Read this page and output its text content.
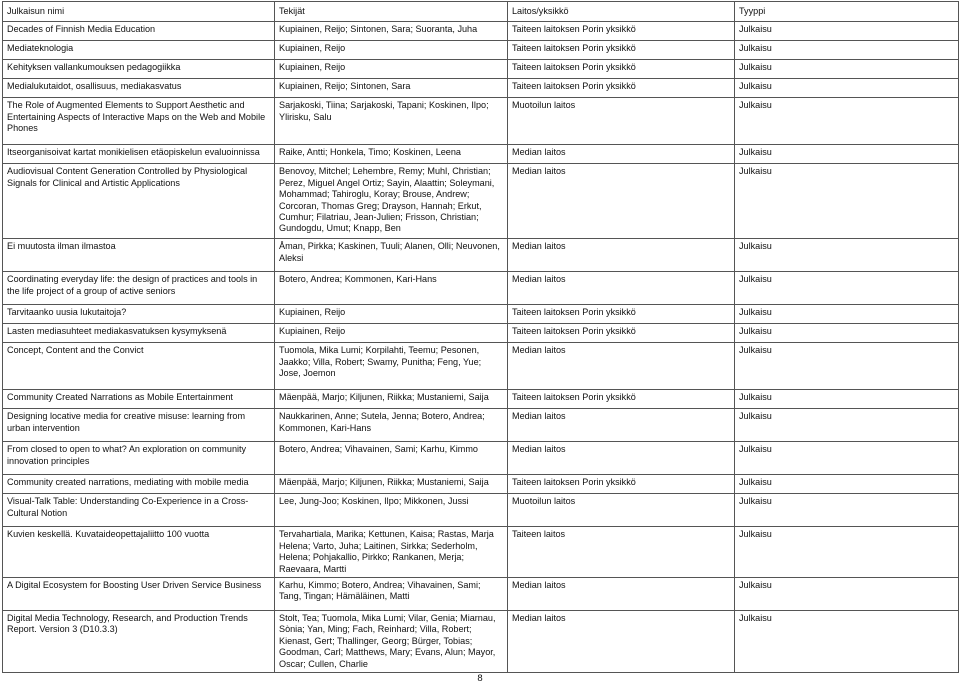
Julkaisun nimi	Tekijät	Laitos/yksikkö	Tyyppi
Decades of Finnish Media Education	Kupiainen, Reijo; Sintonen, Sara; Suoranta, Juha	Taiteen laitoksen Porin yksikkö	Julkaisu
Mediateknologia	Kupiainen, Reijo	Taiteen laitoksen Porin yksikkö	Julkaisu
Kehityksen vallankumouksen pedagogiikka	Kupiainen, Reijo	Taiteen laitoksen Porin yksikkö	Julkaisu
Medialukutaidot, osallisuus, mediakasvatus	Kupiainen, Reijo; Sintonen, Sara	Taiteen laitoksen Porin yksikkö	Julkaisu
The Role of Augmented Elements to Support Aesthetic and Entertaining Aspects of Interactive Maps on the Web and Mobile Phones	Sarjakoski, Tiina; Sarjakoski, Tapani; Koskinen, Ilpo; Ylirisku, Salu	Muotoilun laitos	Julkaisu
Itseorganisoivat kartat monikielisen etäopiskelun evaluoinnissa	Raike, Antti; Honkela, Timo; Koskinen, Leena	Median laitos	Julkaisu
Audiovisual Content Generation Controlled by Physiological Signals for Clinical and Artistic Applications	Benovoy, Mitchel; Lehembre, Remy; Muhl, Christian; Perez, Miguel Angel Ortiz; Sayin, Alaattin; Soleymani, Mohammad; Tahiroglu, Koray; Brouse, Andrew; Corcoran, Thomas Greg; Drayson, Hannah; Erkut, Cumhur; Filatriau, Jean-Julien; Frisson, Christian; Gundogdu, Umut; Knapp, Ben	Median laitos	Julkaisu
Ei muutosta ilman ilmastoa	Åman, Pirkka; Kaskinen, Tuuli; Alanen, Olli; Neuvonen, Aleksi	Median laitos	Julkaisu
Coordinating everyday life: the design of practices and tools in the life project of a group of active seniors	Botero, Andrea; Kommonen, Kari-Hans	Median laitos	Julkaisu
Tarvitaanko uusia lukutaitoja?	Kupiainen, Reijo	Taiteen laitoksen Porin yksikkö	Julkaisu
Lasten mediasuhteet mediakasvatuksen kysymyksenä	Kupiainen, Reijo	Taiteen laitoksen Porin yksikkö	Julkaisu
Concept, Content and the Convict	Tuomola, Mika Lumi; Korpilahti, Teemu; Pesonen, Jaakko; Villa, Robert; Swamy, Punitha; Feng, Yue; Jose, Joemon	Median laitos	Julkaisu
Community Created Narrations as Mobile Entertainment	Mäenpää, Marjo; Kiljunen, Riikka; Mustaniemi, Saija	Taiteen laitoksen Porin yksikkö	Julkaisu
Designing locative media for creative misuse: learning from urban intervention	Naukkarinen, Anne; Sutela, Jenna; Botero, Andrea; Kommonen, Kari-Hans	Median laitos	Julkaisu
From closed to open to what? An exploration on community innovation principles	Botero, Andrea; Vihavainen, Sami; Karhu, Kimmo	Median laitos	Julkaisu
Community created narrations, mediating with mobile media	Mäenpää, Marjo; Kiljunen, Riikka; Mustaniemi, Saija	Taiteen laitoksen Porin yksikkö	Julkaisu
Visual-Talk Table: Understanding Co-Experience in a Cross-Cultural Notion	Lee, Jung-Joo; Koskinen, Ilpo; Mikkonen, Jussi	Muotoilun laitos	Julkaisu
Kuvien keskellä. Kuvataideopettajaliitto 100 vuotta	Tervahartiala, Marika; Kettunen, Kaisa; Rastas, Marja Helena; Varto, Juha; Laitinen, Sirkka; Sederholm, Helena; Pohjakallio, Pirkko; Rankanen, Merja; Raevaara, Martti	Taiteen laitos	Julkaisu
A Digital Ecosystem for Boosting User Driven Service Business	Karhu, Kimmo; Botero, Andrea; Vihavainen, Sami; Tang, Tingan; Hämäläinen, Matti	Median laitos	Julkaisu
Digital Media Technology, Research, and Production Trends Report. Version 3 (D10.3.3)	Stolt, Tea; Tuomola, Mika Lumi; Vilar, Genia; Miarnau, Sònia; Yan, Ming; Fach, Reinhard; Villa, Robert; Kienast, Gert; Thallinger, Georg; Bürger, Tobias; Goodman, Carl; Matthews, Mary; Evans, Alun; Mayor, Oscar; Cullen, Charlie	Median laitos	Julkaisu
8
